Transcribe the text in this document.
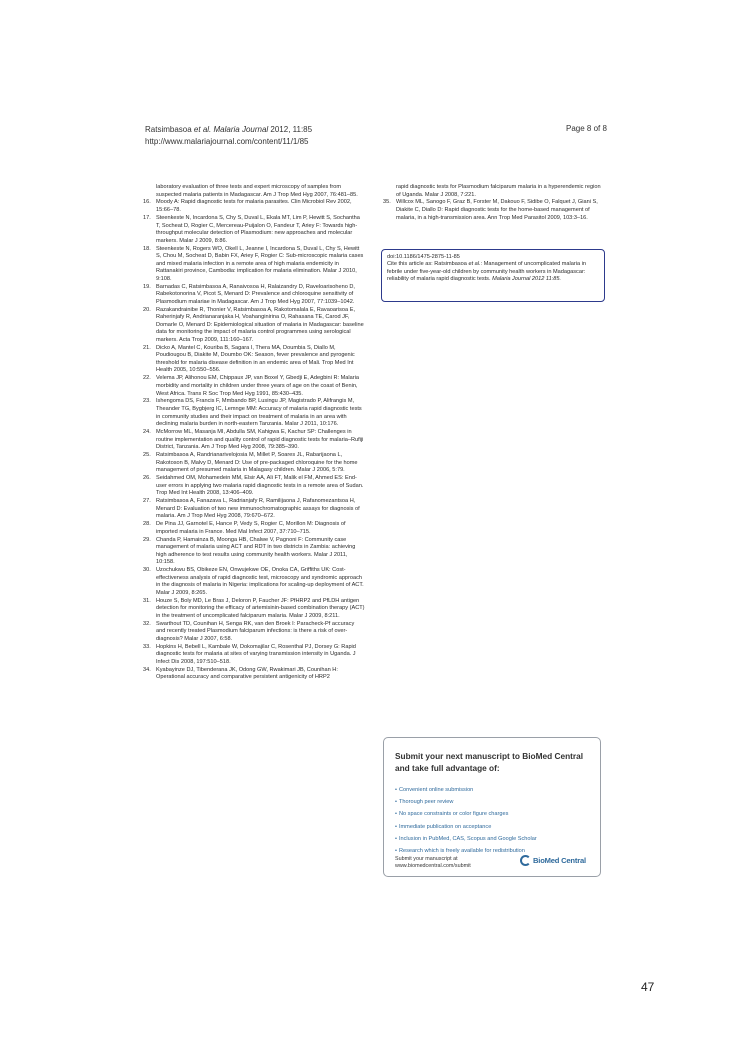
Ratsimbasoa et al. Malaria Journal 2012, 11:85
http://www.malariajournal.com/content/11/1/85
Page 8 of 8
laboratory evaluation of three tests and expert microscopy of samples from suspected malaria patients in Madagascar. Am J Trop Med Hyg 2007, 76:481–85.
16. Moody A: Rapid diagnostic tests for malaria parasites. Clin Microbiol Rev 2002, 15:66–78.
17. Steenkeste N, Incardona S, Chy S, Duval L, Ekala MT, Lim P, Hewitt S, Sochantha T, Socheat D, Rogier C, Mercereau-Puijalon O, Fandeur T, Ariey F: Towards high-throughput molecular detection of Plasmodium: new approaches and molecular markers. Malar J 2009, 8:86.
18. Steenkeste N, Rogers WO, Okell L, Jeanne I, Incardona S, Duval L, Chy S, Hewitt S, Chou M, Socheat D, Babin FX, Ariey F, Rogier C: Sub-microscopic malaria cases and mixed malaria infection in a remote area of high malaria endemicity in Rattanakiri province, Cambodia: implication for malaria elimination. Malar J 2010, 9:108.
19. Barnadas C, Ratsimbasoa A, Ranaivosoa H, Ralaizandry D, Raveloarisoheno D, Rabekotonorina V, Picot S, Menard D: Prevalence and chloroquine sensitivity of Plasmodium malariae in Madagascar. Am J Trop Med Hyg 2007, 77:1039–1042.
20. Razakandrainibe R, Thonier V, Ratsimbasoa A, Rakotomalala E, Ravaoarisoa E, Raherinjafy R, Andrianaranjaka H, Voahanginirina O, Rahasana TE, Carod JF, Domarle O, Menard D: Epidemiological situation of malaria in Madagascar: baseline data for monitoring the impact of malaria control programmes using serological markers. Acta Trop 2009, 111:160–167.
21. Dicko A, Mantel C, Kouriba B, Sagara I, Thera MA, Doumbia S, Diallo M, Poudiougou B, Diakite M, Doumbo OK: Season, fever prevalence and pyrogenic threshold for malaria disease definition in an endemic area of Mali. Trop Med Int Health 2005, 10:550–556.
22. Velema JP, Alihonou EM, Chippaux JP, van Boxel Y, Gbedji E, Adegbini R: Malaria morbidity and mortality in children under three years of age on the coast of Benin, West Africa. Trans R Soc Trop Med Hyg 1991, 85:430–435.
23. Ishengoma DS, Francis F, Mmbando BP, Lusingu JP, Magistrado P, Alifrangis M, Theander TG, Bygbjerg IC, Lemnge MM: Accuracy of malaria rapid diagnostic tests in community studies and their impact on treatment of malaria in an area with declining malaria burden in north-eastern Tanzania. Malar J 2011, 10:176.
24. McMorrow ML, Masanja MI, Abdulla SM, Kahigwa E, Kachur SP: Challenges in routine implementation and quality control of rapid diagnostic tests for malaria–Rufiji District, Tanzania. Am J Trop Med Hyg 2008, 79:385–390.
25. Ratsimbasoa A, Randrianarivelojosia M, Millet P, Soares JL, Rabarijaona L, Rakotoson B, Malvy D, Menard D: Use of pre-packaged chloroquine for the home management of presumed malaria in Malagasy children. Malar J 2006, 5:79.
26. Seidahmed OM, Mohamedein MM, Elsir AA, Ali FT, Malik el FM, Ahmed ES: End-user errors in applying two malaria rapid diagnostic tests in a remote area of Sudan. Trop Med Int Health 2008, 13:406–409.
27. Ratsimbasoa A, Fanazava L, Radrianjafy R, Ramilijaona J, Rafanomezantsoa H, Menard D: Evaluation of two new immunochromatographic assays for diagnosis of malaria. Am J Trop Med Hyg 2008, 79:670–672.
28. De Pina JJ, Garnotel E, Hance P, Vedy S, Rogier C, Morillon M: Diagnosis of imported malaria in France. Med Mal Infect 2007, 37:710–715.
29. Chanda P, Hamainza B, Moonga HB, Chalwe V, Pagnoni F: Community case management of malaria using ACT and RDT in two districts in Zambia: achieving high adherence to test results using community health workers. Malar J 2011, 10:158.
30. Uzochukwu BS, Obikeze EN, Onwujekwe OE, Onoka CA, Griffiths UK: Cost-effectiveness analysis of rapid diagnostic test, microscopy and syndromic approach in the diagnosis of malaria in Nigeria: implications for scaling-up deployment of ACT. Malar J 2009, 8:265.
31. Houze S, Boly MD, Le Bras J, Deloron P, Faucher JF: PfHRP2 and PfLDH antigen detection for monitoring the efficacy of artemisinin-based combination therapy (ACT) in the treatment of uncomplicated falciparum malaria. Malar J 2009, 8:211.
32. Swarthout TD, Counihan H, Senga RK, van den Broek I: Paracheck-Pf accuracy and recently treated Plasmodium falciparum infections: is there a risk of over-diagnosis? Malar J 2007, 6:58.
33. Hopkins H, Bebell L, Kambale W, Dokomajilar C, Rosenthal PJ, Dorsey G: Rapid diagnostic tests for malaria at sites of varying transmission intensity in Uganda. J Infect Dis 2008, 197:510–518.
34. Kyabayinze DJ, Tibenderana JK, Odong GW, Rwakimari JB, Counihan H: Operational accuracy and comparative persistent antigenicity of HRP2
rapid diagnostic tests for Plasmodium falciparum malaria in a hyperendemic region of Uganda. Malar J 2008, 7:221.
35. Willcox ML, Sanogo F, Graz B, Forster M, Dakouo F, Sidibe O, Falquet J, Giani S, Diakite C, Diallo D: Rapid diagnostic tests for the home-based management of malaria, in a high-transmission area. Ann Trop Med Parasitol 2009, 103:3–16.
doi:10.1186/1475-2875-11-85
Cite this article as: Ratsimbasoa et al.: Management of uncomplicated malaria in febrile under five-year-old children by community health workers in Madagascar: reliability of malaria rapid diagnostic tests. Malaria Journal 2012 11:85.
Submit your next manuscript to BioMed Central and take full advantage of:
• Convenient online submission
• Thorough peer review
• No space constraints or color figure charges
• Immediate publication on acceptance
• Inclusion in PubMed, CAS, Scopus and Google Scholar
• Research which is freely available for redistribution
Submit your manuscript at
www.biomedcentral.com/submit
BioMed Central
47
